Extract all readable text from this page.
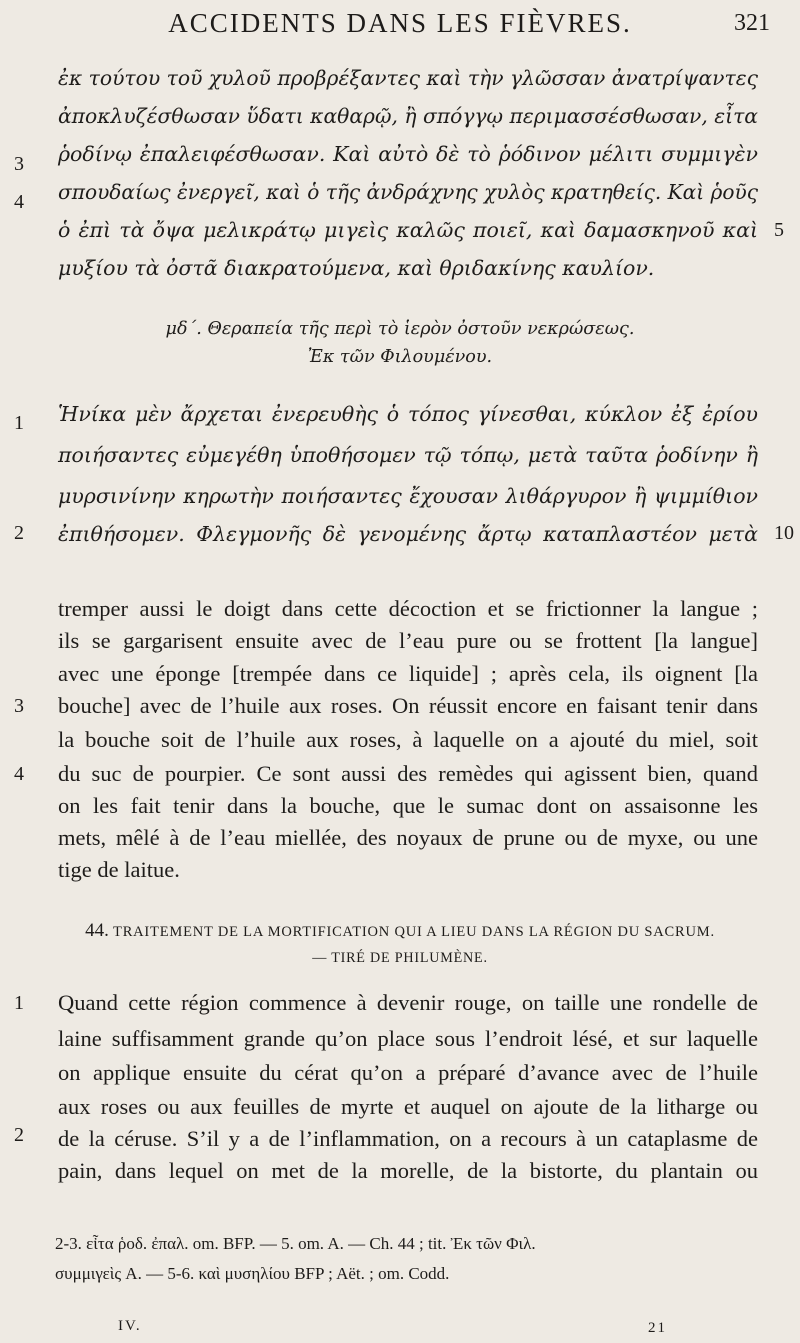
ACCIDENTS DANS LES FIÈVRES.	321
ἐκ τούτου τοῦ χυλοῦ προβρέξαντες καὶ τὴν γλῶσσαν ἀνατρίψαντες
ἀποκλυζέσθωσαν ὕδατι καθαρῷ, ἢ σπόγγῳ περιμασσέσθωσαν, εἶτα
ῥοδίνῳ ἐπαλειφέσθωσαν. Καὶ αὐτὸ δὲ τὸ ῥόδινον μέλιτι συμμιγὲν
σπουδαίως ἐνεργεῖ, καὶ ὁ τῆς ἀνδράχνης χυλὸς κρατηθείς. Καὶ ῥοῦς
ὁ ἐπὶ τὰ ὄψα μελικράτῳ μιγεὶς καλῶς ποιεῖ, καὶ δαμασκηνοῦ καὶ
μυξίου τὰ ὀστᾶ διακρατούμενα, καὶ θριδακίνης καυλίον.
3
4
5
μδ΄. Θεραπεία τῆς περὶ τὸ ἱερὸν ὀστοῦν νεκρώσεως.
Ἐκ τῶν Φιλουμένου.
Ἡνίκα μὲν ἄρχεται ἐνερευθὴς ὁ τόπος γίνεσθαι, κύκλον ἐξ ἐρίου
ποιήσαντες εὐμεγέθη ὑποθήσομεν τῷ τόπῳ, μετὰ ταῦτα ῥοδίνην ἢ
μυρσινίνην κηρωτὴν ποιήσαντες ἔχουσαν λιθάργυρον ἢ ψιμμίθιον
ἐπιθήσομεν. Φλεγμονῆς δὲ γενομένης ἄρτῳ καταπλαστέον μετὰ
1
2	10
tremper aussi le doigt dans cette décoction et se frictionner la langue ;
ils se gargarisent ensuite avec de l’eau pure ou se frottent [la langue]
avec une éponge [trempée dans ce liquide] ; après cela, ils oignent [la
bouche] avec de l’huile aux roses. On réussit encore en faisant tenir dans
la bouche soit de l’huile aux roses, à laquelle on a ajouté du miel, soit
du suc de pourpier. Ce sont aussi des remèdes qui agissent bien, quand
on les fait tenir dans la bouche, que le sumac dont on assaisonne les
mets, mêlé à de l’eau miellée, des noyaux de prune ou de myxe, ou une
tige de laitue.
3
4
44. TRAITEMENT DE LA MORTIFICATION QUI A LIEU DANS LA RÉGION DU SACRUM.
— TIRÉ DE PHILUMÈNE.
Quand cette région commence à devenir rouge, on taille une rondelle de
laine suffisamment grande qu’on place sous l’endroit lésé, et sur laquelle
on applique ensuite du cérat qu’on a préparé d’avance avec de l’huile
aux roses ou aux feuilles de myrte et auquel on ajoute de la litharge ou
de la céruse. S’il y a de l’inflammation, on a recours à un cataplasme de
pain, dans lequel on met de la morelle, de la bistorte, du plantain ou
1
2
2-3. εἶτα ῥοδ. ἐπαλ. om. BFP. — 5. om. A. — Ch. 44 ; tit. Ἐκ τῶν Φιλ.
συμμιγεὶς A. — 5-6. καὶ μυσηλίου BFP ; Aët. ; om. Codd.
IV.	21
